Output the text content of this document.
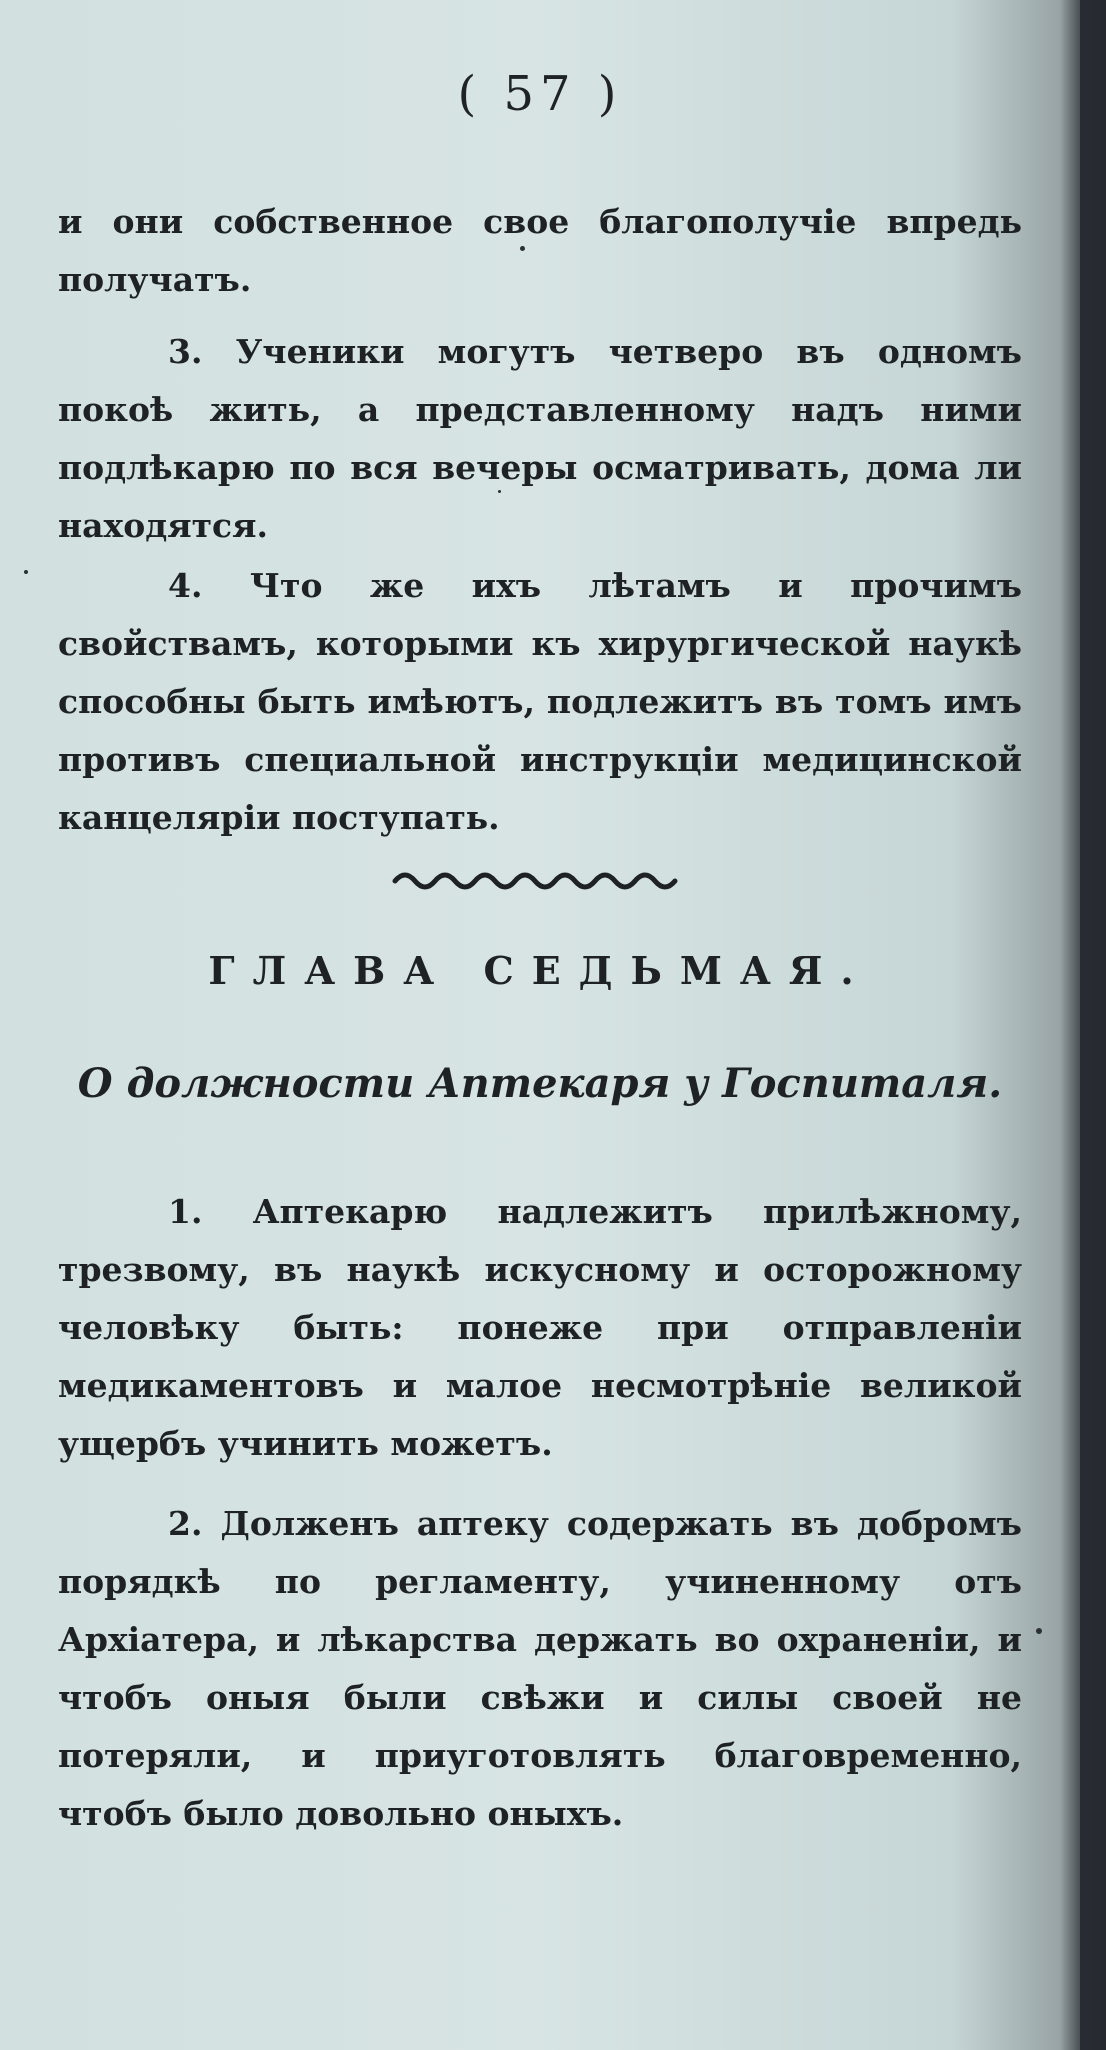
( 57 )

и они собственное свое благополучіе впредь получатъ.

3. Ученики могутъ четверо въ одномъ покоѣ жить, а представленному надъ ними подлѣкарю по вся вечеры осматривать, дома ли находятся.

4. Что же ихъ лѣтамъ и прочимъ свойствамъ, которыми къ хирургической наукѣ способны быть имѣютъ, подлежитъ въ томъ имъ противъ специальной инструкціи медицинской канцеляріи поступать.

ГЛАВА СЕДЬМАЯ.
О должности Аптекаря у Госпиталя.

1. Аптекарю надлежитъ прилѣжному, трезвому, въ наукѣ искусному и осторожному человѣку быть: понеже при отправленіи медикаментовъ и малое несмотрѣніе великой ущербъ учинить можетъ.

2. Долженъ аптеку содержать въ добромъ порядкѣ по регламенту, учиненному отъ Архіатера, и лѣкарства держать во охраненіи, и чтобъ оныя были свѣжи и силы своей не потеряли, и приуготовлять благовременно, чтобъ было довольно оныхъ.
